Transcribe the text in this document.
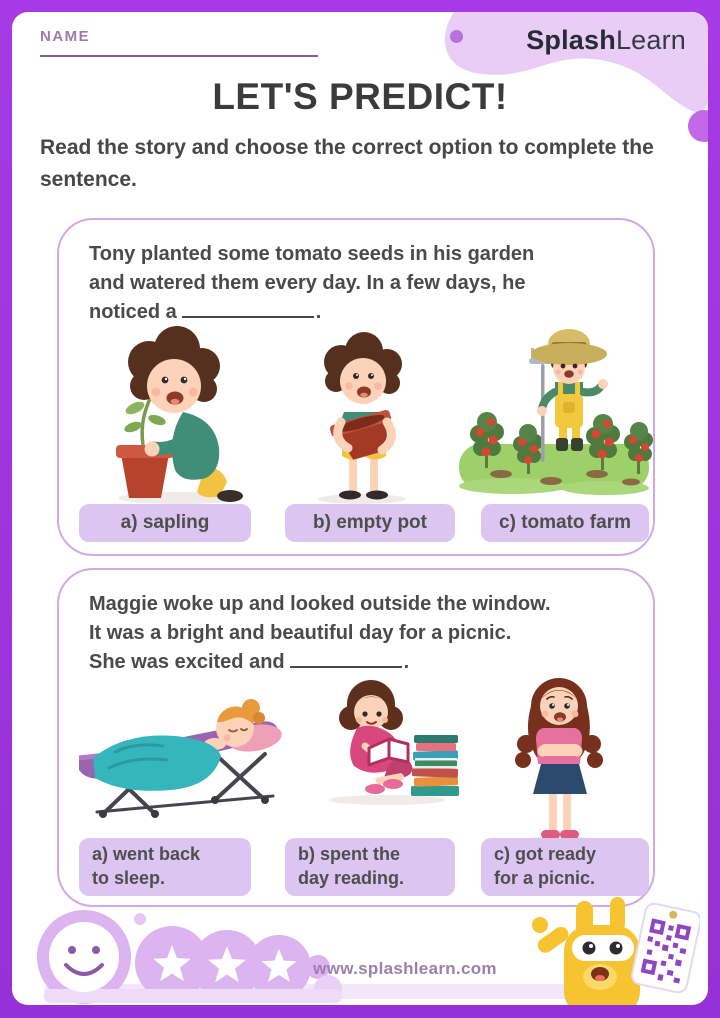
SplashLearn
NAME
LET'S PREDICT!
Read the story and choose the correct option to complete the sentence.
Tony planted some tomato seeds in his garden
and watered them every day. In a few days, he
noticed a	.
a) sapling	b) empty pot	c) tomato farm
Maggie woke up and looked outside the window.
It was a bright and beautiful day for a picnic.
She was excited and	.
a) went back
to sleep.
b) spent the
day reading.
c) got ready
for a picnic.
www.splashlearn.com
